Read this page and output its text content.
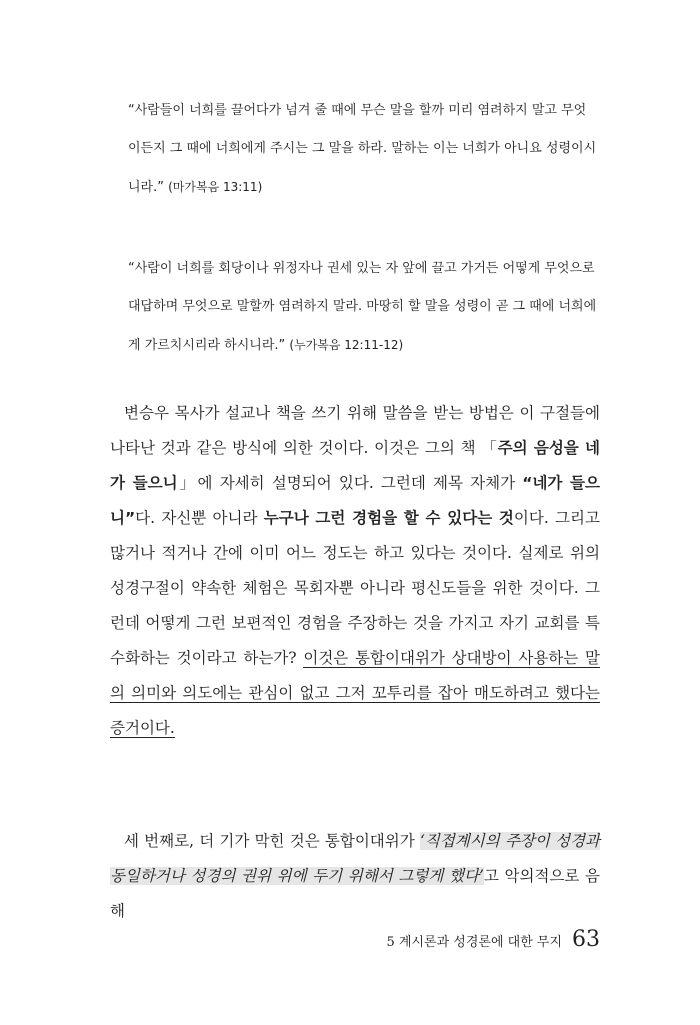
“사람들이 너희를 끌어다가 넘겨 줄 때에 무슨 말을 할까 미리 염려하지 말고 무엇이든지 그 때에 너희에게 주시는 그 말을 하라. 말하는 이는 너희가 아니요 성령이시니라.” (마가복음 13:11)
“사람이 너희를 회당이나 위정자나 권세 있는 자 앞에 끌고 가거든 어떻게 무엇으로 대답하며 무엇으로 말할까 염려하지 말라. 마땅히 할 말을 성령이 곧 그 때에 너희에게 가르치시리라 하시니라.” (누가복음 12:11-12)

변승우 목사가 설교나 책을 쓰기 위해 말씀을 받는 방법은 이 구절들에 나타난 것과 같은 방식에 의한 것이다. 이것은 그의 책 「주의 음성을 네가 들으니」에 자세히 설명되어 있다. 그런데 제목 자체가 “네가 들으니”다. 자신뿐 아니라 누구나 그런 경험을 할 수 있다는 것이다. 그리고 많거나 적거나 간에 이미 어느 정도는 하고 있다는 것이다. 실제로 위의 성경구절이 약속한 체험은 목회자뿐 아니라 평신도들을 위한 것이다. 그런데 어떻게 그런 보편적인 경험을 주장하는 것을 가지고 자기 교회를 특수화하는 것이라고 하는가? 이것은 통합이대위가 상대방이 사용하는 말의 의미와 의도에는 관심이 없고 그저 꼬투리를 잡아 매도하려고 했다는 증거이다.

세 번째로, 더 기가 막힌 것은 통합이대위가 ‘직접계시의 주장이 성경과 동일하거나 성경의 권위 위에 두기 위해서 그렇게 했다’고 악의적으로 음해

5 계시론과 성경론에 대한 무지 63
